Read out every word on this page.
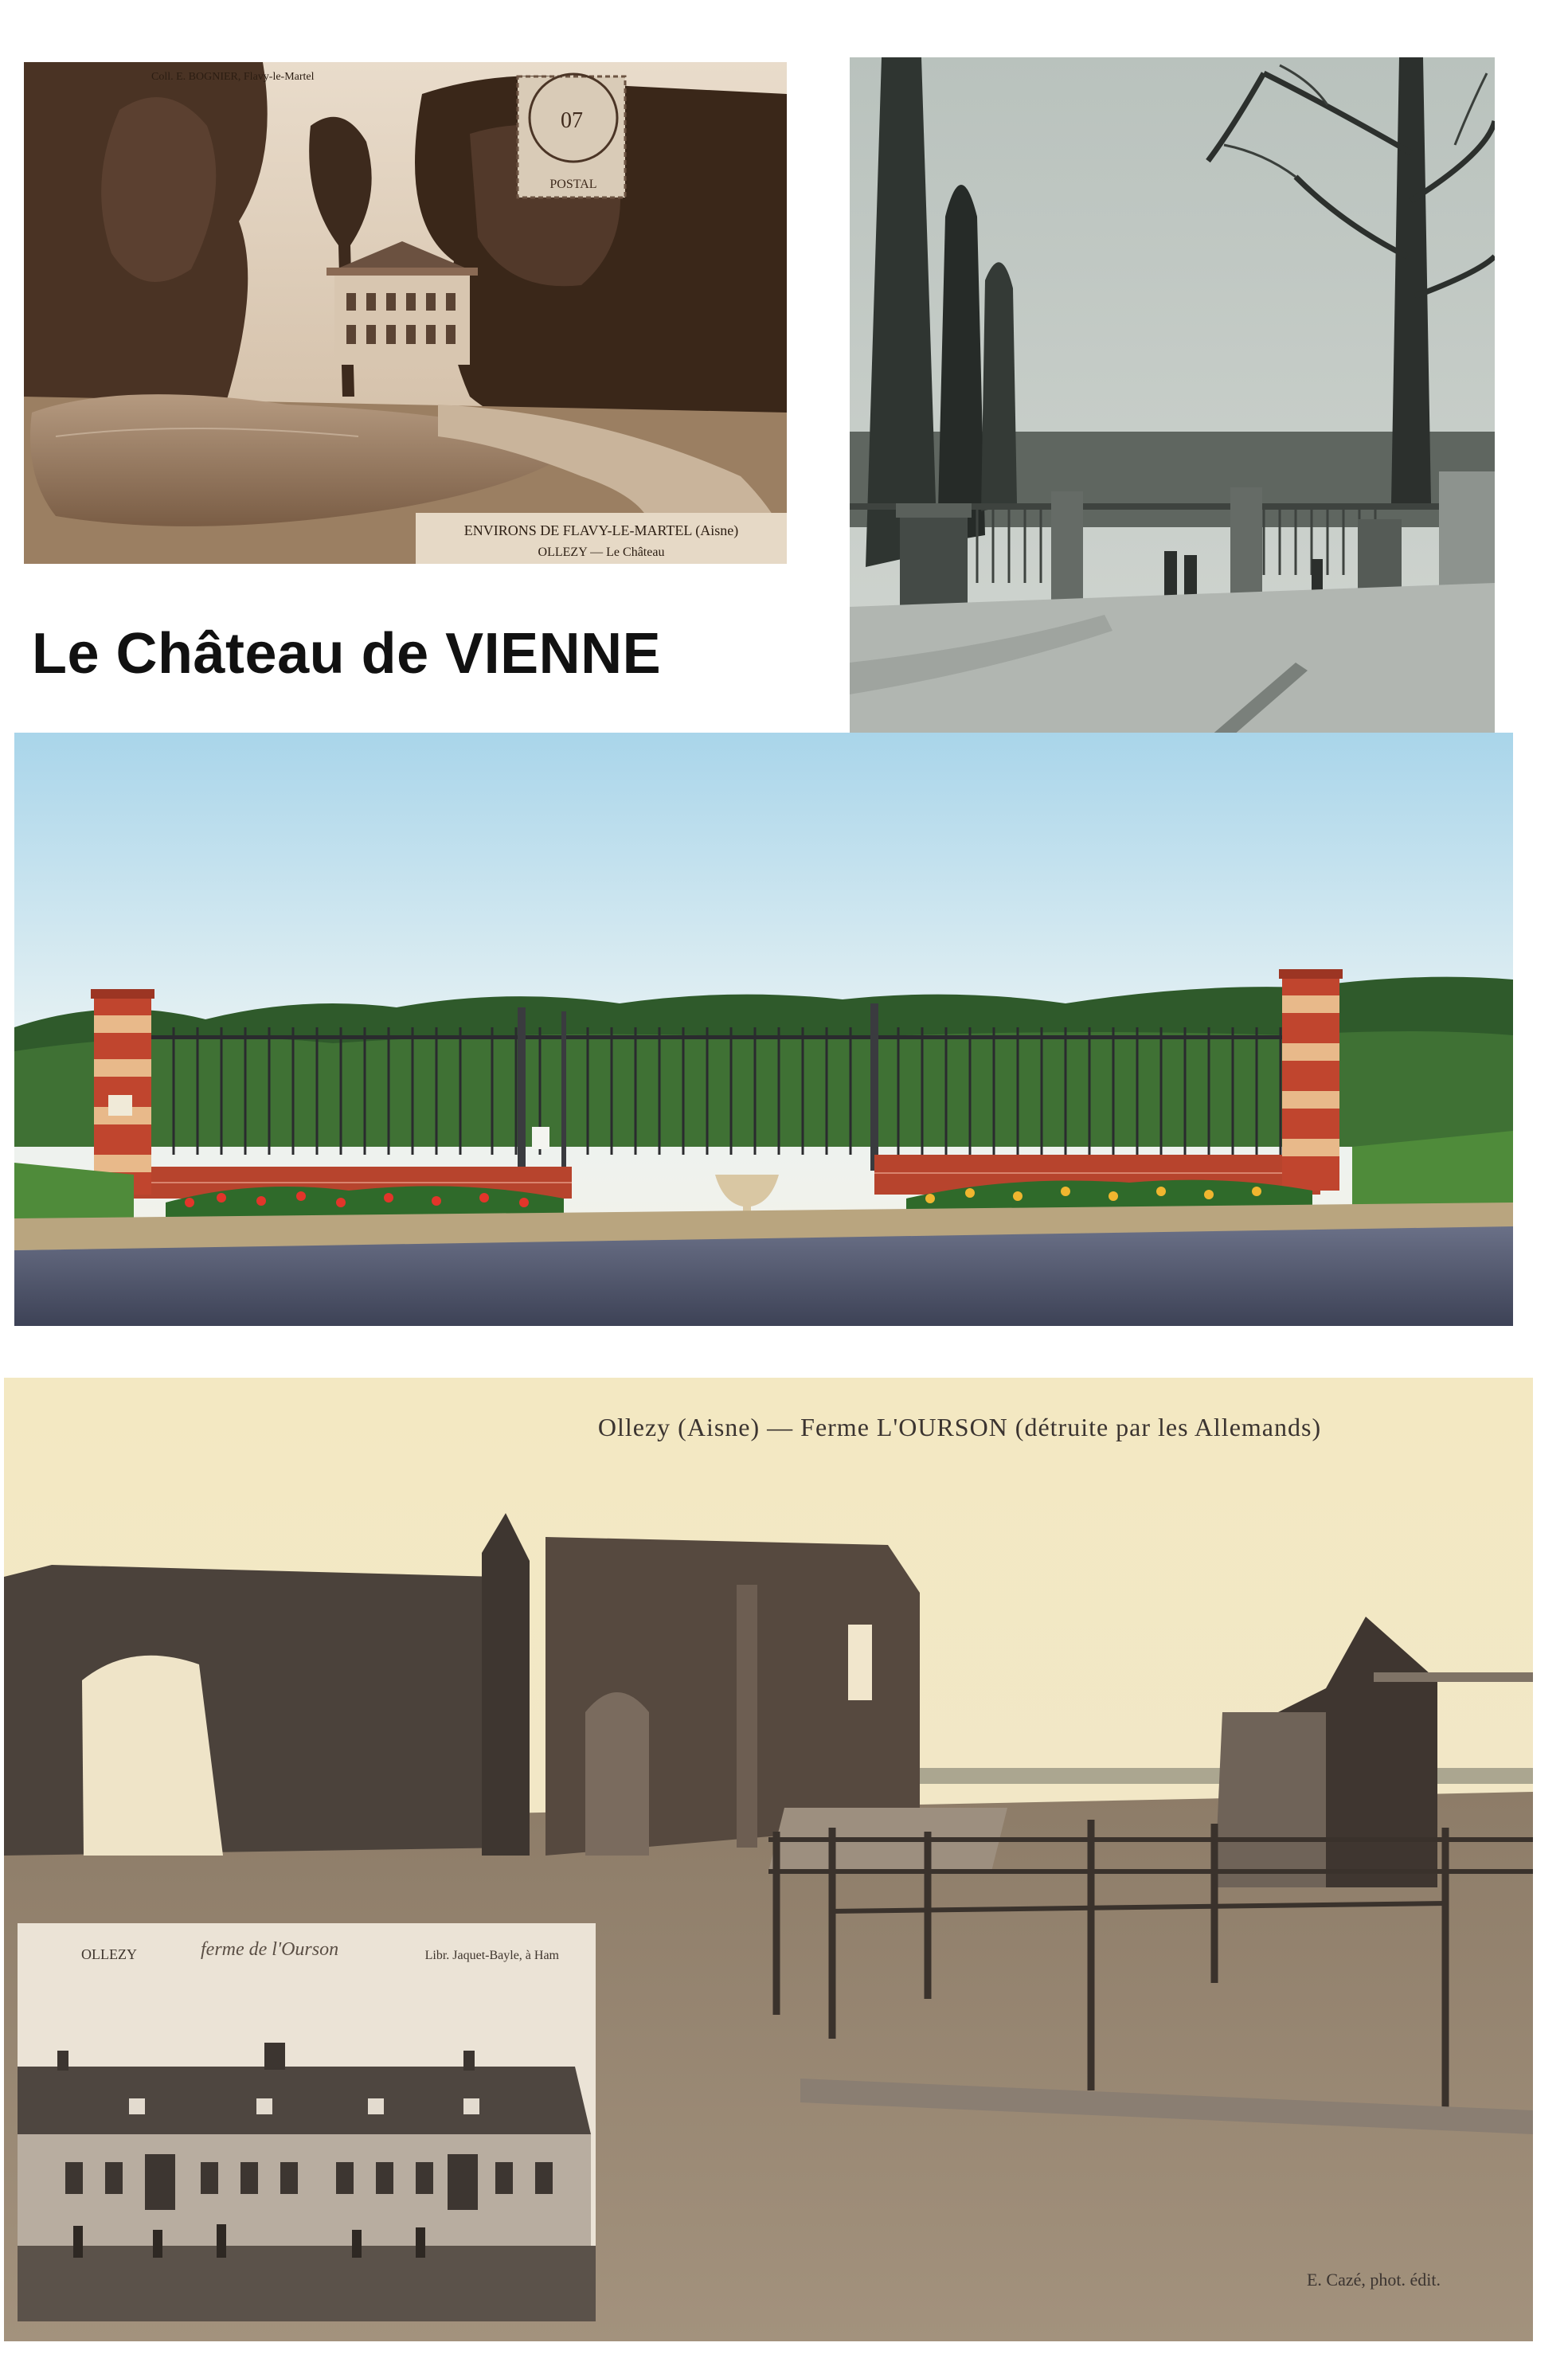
07
POSTAL
Coll. E. BOGNIER, Flavy-le-Martel
ENVIRONS DE FLAVY-LE-MARTEL (Aisne)
OLLEZY — Le Château
Le Château de VIENNE
Ollezy (Aisne) — Ferme L'OURSON (détruite par les Allemands)
E. Cazé, phot. édit.
OLLEZY	ferme de l'Ourson	Libr. Jaquet-Bayle, à Ham
